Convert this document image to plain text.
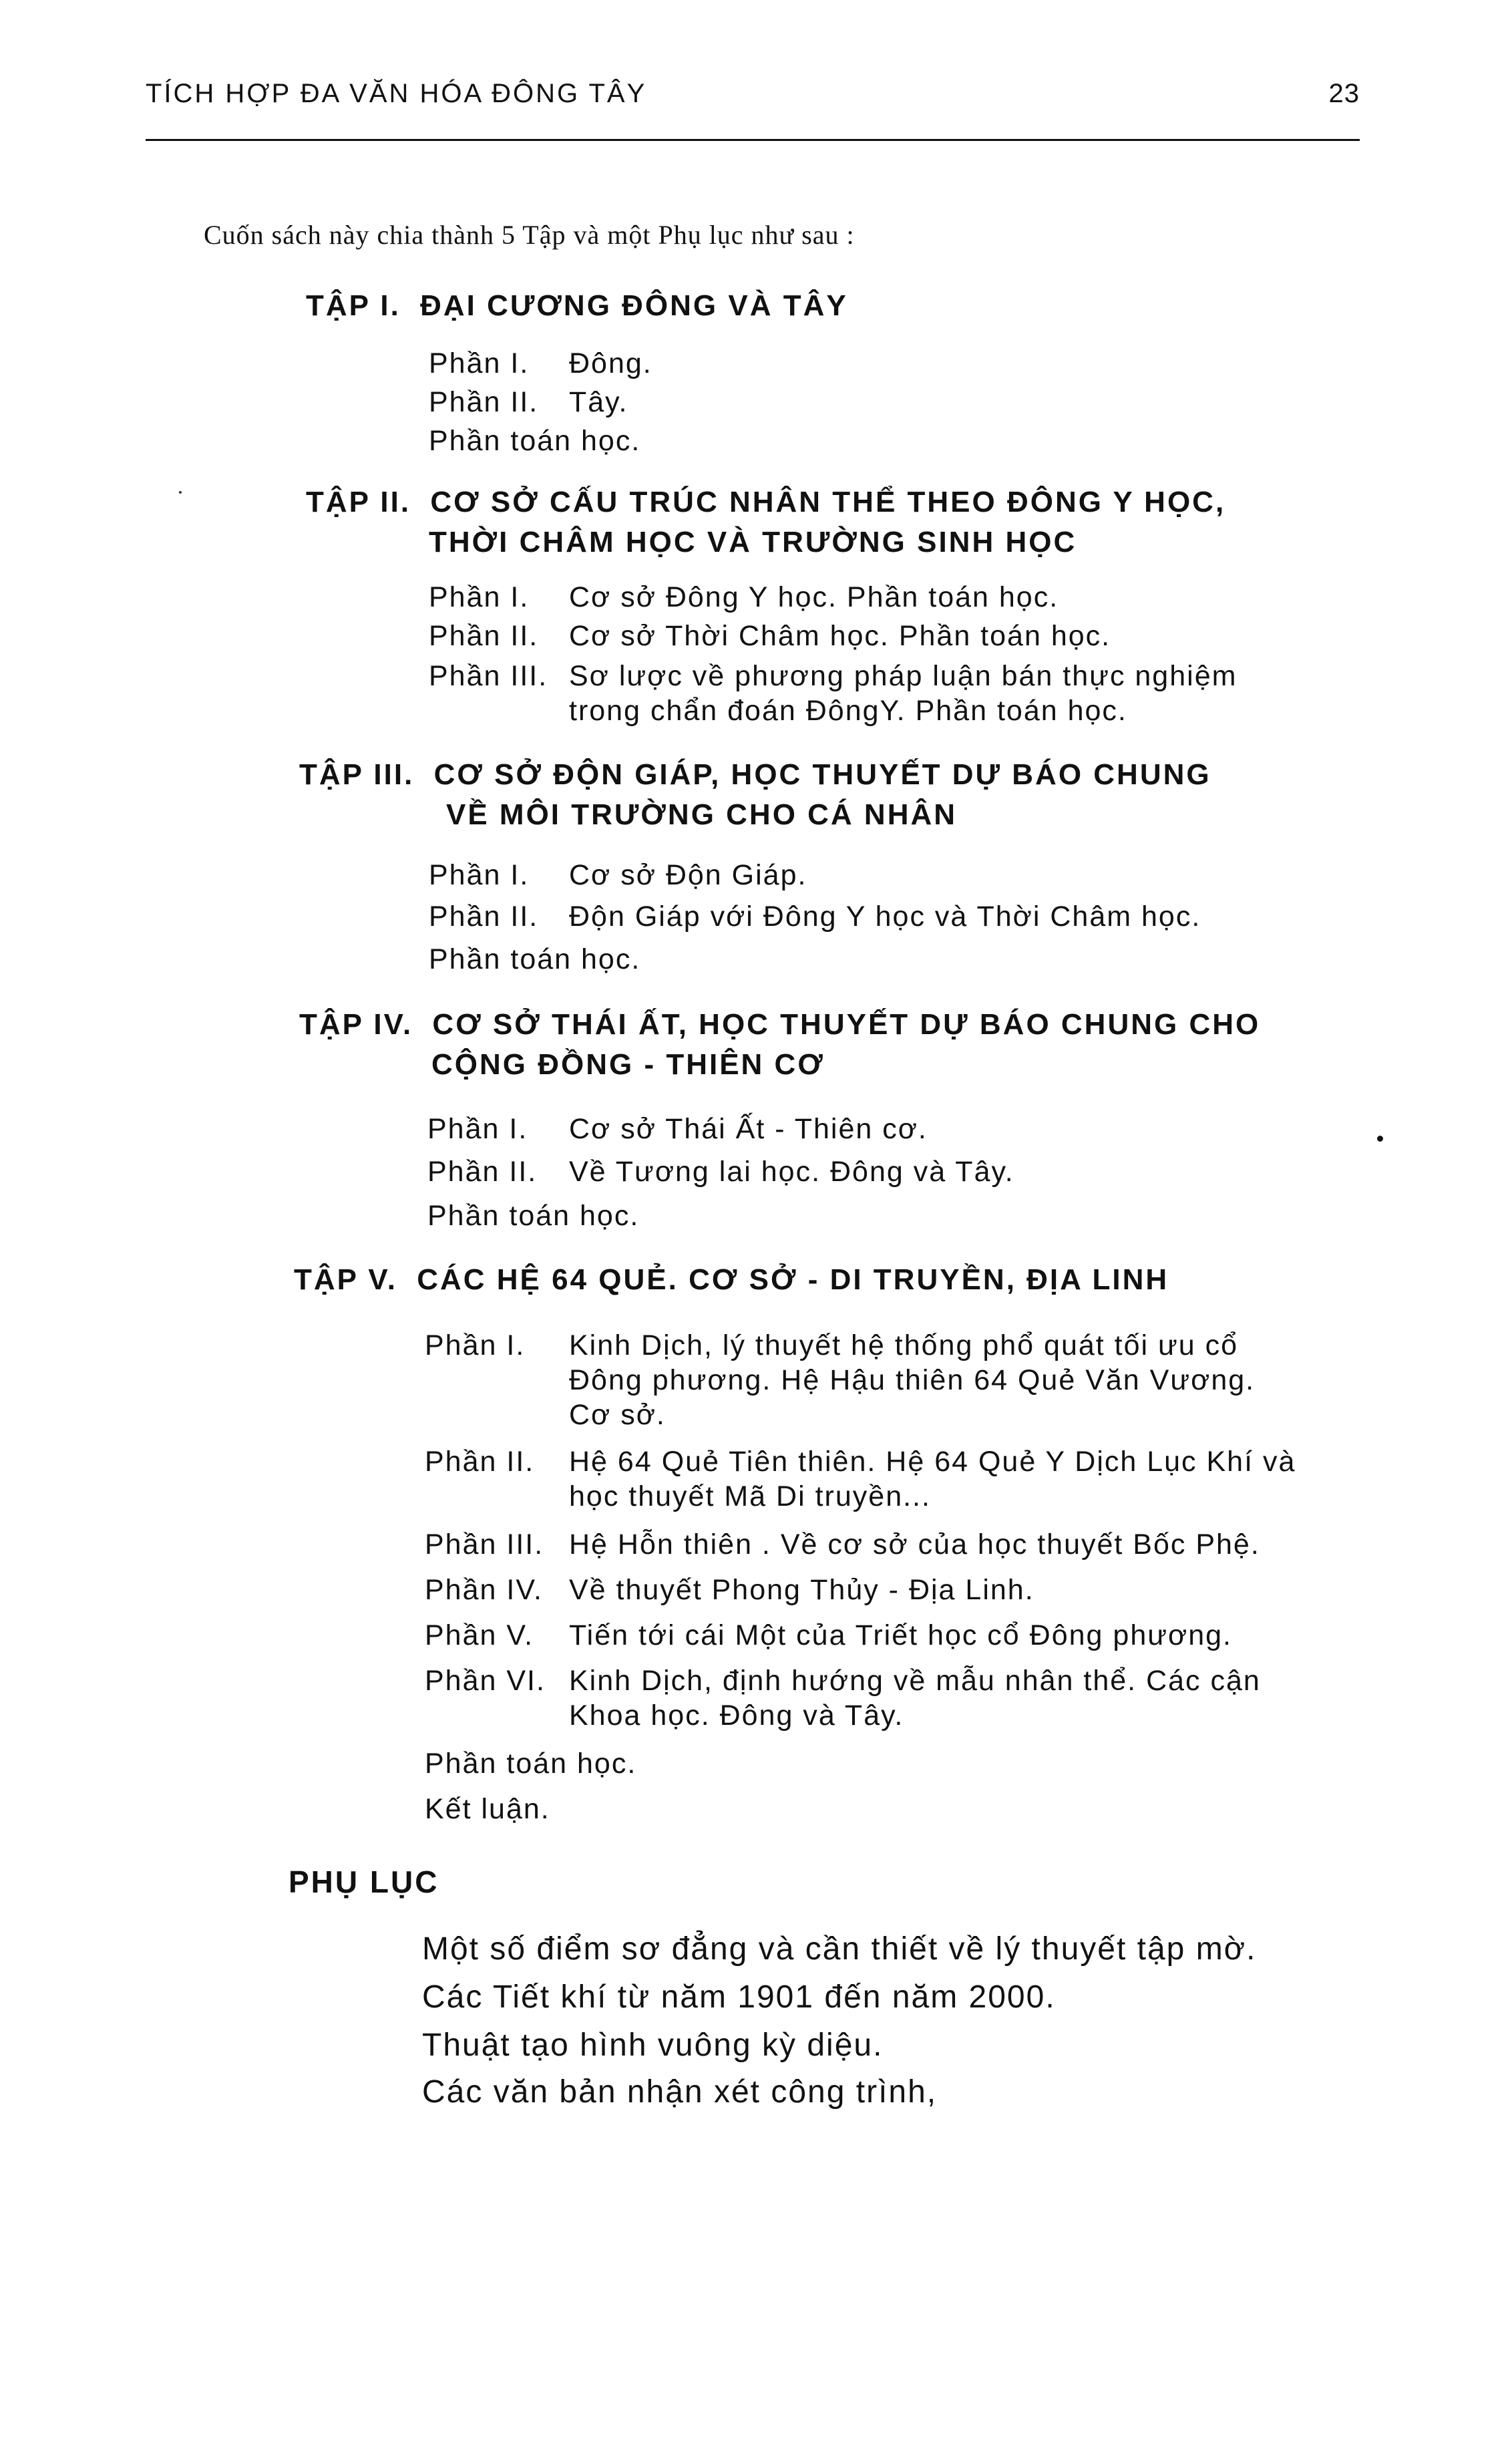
TÍCH HỢP ĐA VĂN HÓA ĐÔNG TÂY	23
Cuốn sách này chia thành 5 Tập và một Phụ lục như sau :
TẬP I. ĐẠI CƯƠNG ĐÔNG VÀ TÂY
Phần I. Đông.
Phần II. Tây.
Phần toán học.
TẬP II. CƠ SỞ CẤU TRÚC NHÂN THỂ THEO ĐÔNG Y HỌC,
THỜI CHÂM HỌC VÀ TRƯỜNG SINH HỌC
Phần I. Cơ sở Đông Y học. Phần toán học.
Phần II. Cơ sở Thời Châm học. Phần toán học.
Phần III. Sơ lược về phương pháp luận bán thực nghiệm
trong chẩn đoán ĐôngY. Phần toán học.
TẬP III. CƠ SỞ ĐỘN GIÁP, HỌC THUYẾT DỰ BÁO CHUNG
VỀ MÔI TRƯỜNG CHO CÁ NHÂN
Phần I. Cơ sở Độn Giáp.
Phần II. Độn Giáp với Đông Y học và Thời Châm học.
Phần toán học.
TẬP IV. CƠ SỞ THÁI ẤT, HỌC THUYẾT DỰ BÁO CHUNG CHO
CỘNG ĐỒNG - THIÊN CƠ
Phần I. Cơ sở Thái Ất - Thiên cơ.
Phần II. Về Tương lai học. Đông và Tây.
Phần toán học.
TẬP V. CÁC HỆ 64 QUẺ. CƠ SỞ - DI TRUYỀN, ĐỊA LINH
Phần I. Kinh Dịch, lý thuyết hệ thống phổ quát tối ưu cổ
Đông phương. Hệ Hậu thiên 64 Quẻ Văn Vương.
Cơ sở.
Phần II. Hệ 64 Quẻ Tiên thiên. Hệ 64 Quẻ Y Dịch Lục Khí và
học thuyết Mã Di truyền...
Phần III. Hệ Hỗn thiên . Về cơ sở của học thuyết Bốc Phệ.
Phần IV. Về thuyết Phong Thủy - Địa Linh.
Phần V. Tiến tới cái Một của Triết học cổ Đông phương.
Phần VI. Kinh Dịch, định hướng về mẫu nhân thể. Các cận
Khoa học. Đông và Tây.
Phần toán học.
Kết luận.
PHỤ LỤC
Một số điểm sơ đẳng và cần thiết về lý thuyết tập mờ.
Các Tiết khí từ năm 1901 đến năm 2000.
Thuật tạo hình vuông kỳ diệu.
Các văn bản nhận xét công trình,
